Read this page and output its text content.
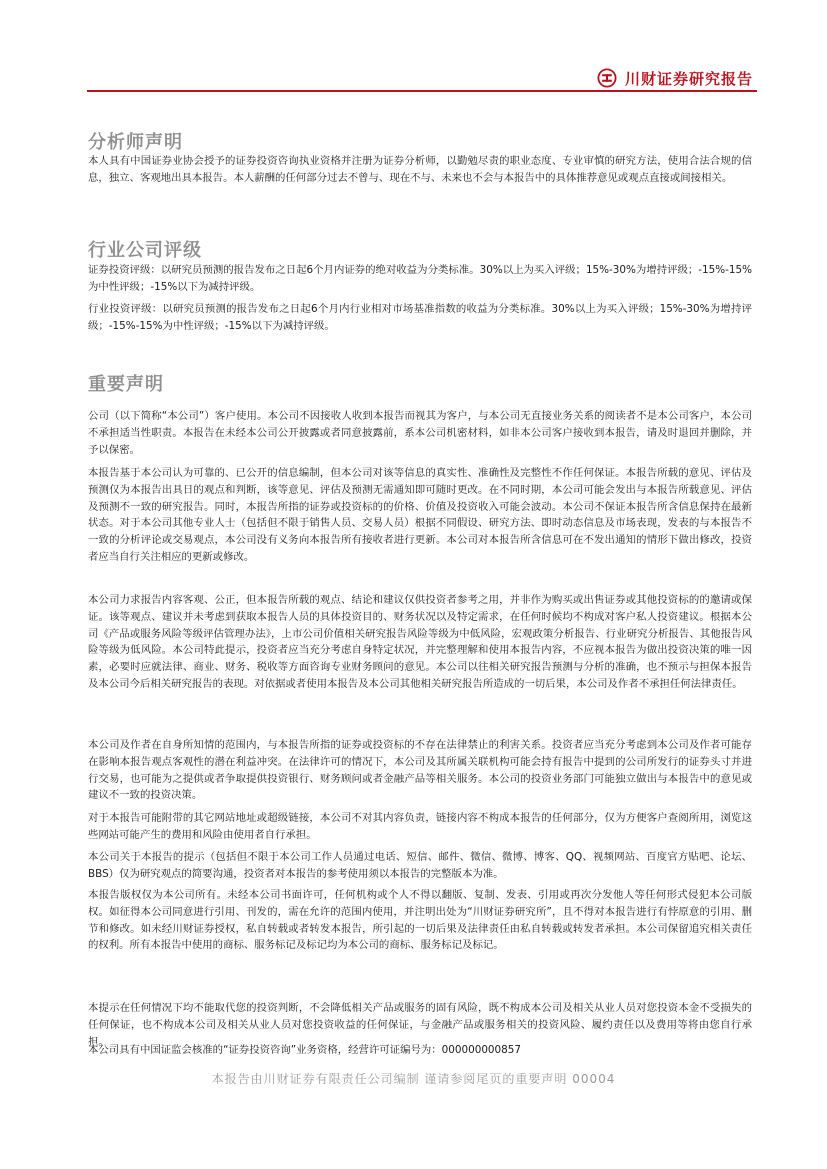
川财证券研究报告
分析师声明

本人具有中国证券业协会授予的证券投资咨询执业资格并注册为证券分析师，以勤勉尽责的职业态度、专业审慎的研究方法，使用合法合规的信息，独立、客观地出具本报告。本人薪酬的任何部分过去不曾与、现在不与、未来也不会与本报告中的具体推荐意见或观点直接或间接相关。

行业公司评级

证券投资评级：以研究员预测的报告发布之日起6个月内证券的绝对收益为分类标准。30%以上为买入评级；15%-30%为增持评级；-15%-15%为中性评级；-15%以下为减持评级。

行业投资评级：以研究员预测的报告发布之日起6个月内行业相对市场基准指数的收益为分类标准。30%以上为买入评级；15%-30%为增持评级；-15%-15%为中性评级；-15%以下为减持评级。

重要声明

公司（以下简称“本公司”）客户使用。本公司不因接收人收到本报告而视其为客户，与本公司无直接业务关系的阅读者不是本公司客户，本公司不承担适当性职责。本报告在未经本公司公开披露或者同意披露前，系本公司机密材料，如非本公司客户接收到本报告，请及时退回并删除，并予以保密。

本报告基于本公司认为可靠的、已公开的信息编制，但本公司对该等信息的真实性、准确性及完整性不作任何保证。本报告所载的意见、评估及预测仅为本报告出具日的观点和判断，该等意见、评估及预测无需通知即可随时更改。在不同时期，本公司可能会发出与本报告所载意见、评估及预测不一致的研究报告。同时，本报告所指的证券或投资标的的价格、价值及投资收入可能会波动。本公司不保证本报告所含信息保持在最新状态。对于本公司其他专业人士（包括但不限于销售人员、交易人员）根据不同假设、研究方法、即时动态信息及市场表现，发表的与本报告不一致的分析评论或交易观点，本公司没有义务向本报告所有接收者进行更新。本公司对本报告所含信息可在不发出通知的情形下做出修改，投资者应当自行关注相应的更新或修改。

本公司力求报告内容客观、公正，但本报告所载的观点、结论和建议仅供投资者参考之用，并非作为购买或出售证券或其他投资标的的邀请或保证。该等观点、建议并未考虑到获取本报告人员的具体投资目的、财务状况以及特定需求，在任何时候均不构成对客户私人投资建议。根据本公司《产品或服务风险等级评估管理办法》，上市公司价值相关研究报告风险等级为中低风险，宏观政策分析报告、行业研究分析报告、其他报告风险等级为低风险。本公司特此提示，投资者应当充分考虑自身特定状况，并完整理解和使用本报告内容，不应视本报告为做出投资决策的唯一因素，必要时应就法律、商业、财务、税收等方面咨询专业财务顾问的意见。本公司以往相关研究报告预测与分析的准确，也不预示与担保本报告及本公司今后相关研究报告的表现。对依据或者使用本报告及本公司其他相关研究报告所造成的一切后果，本公司及作者不承担任何法律责任。

本公司及作者在自身所知情的范围内，与本报告所指的证券或投资标的不存在法律禁止的利害关系。投资者应当充分考虑到本公司及作者可能存在影响本报告观点客观性的潜在利益冲突。在法律许可的情况下，本公司及其所属关联机构可能会持有报告中提到的公司所发行的证券头寸并进行交易，也可能为之提供或者争取提供投资银行、财务顾问或者金融产品等相关服务。本公司的投资业务部门可能独立做出与本报告中的意见或建议不一致的投资决策。

对于本报告可能附带的其它网站地址或超级链接，本公司不对其内容负责，链接内容不构成本报告的任何部分，仅为方便客户查阅所用，浏览这些网站可能产生的费用和风险由使用者自行承担。

本公司关于本报告的提示（包括但不限于本公司工作人员通过电话、短信、邮件、微信、微博、博客、QQ、视频网站、百度官方贴吧、论坛、BBS）仅为研究观点的简要沟通，投资者对本报告的参考使用须以本报告的完整版本为准。

本报告版权仅为本公司所有。未经本公司书面许可，任何机构或个人不得以翻版、复制、发表、引用或再次分发他人等任何形式侵犯本公司版权。如征得本公司同意进行引用、刊发的，需在允许的范围内使用，并注明出处为“川财证券研究所”，且不得对本报告进行有悖原意的引用、删节和修改。如未经川财证券授权，私自转载或者转发本报告，所引起的一切后果及法律责任由私自转载或转发者承担。本公司保留追究相关责任的权利。所有本报告中使用的商标、服务标记及标记均为本公司的商标、服务标记及标记。

本提示在任何情况下均不能取代您的投资判断，不会降低相关产品或服务的固有风险，既不构成本公司及相关从业人员对您投资本金不受损失的任何保证，也不构成本公司及相关从业人员对您投资收益的任何保证，与金融产品或服务相关的投资风险、履约责任以及费用等将由您自行承担。

本公司具有中国证监会核准的“证券投资咨询”业务资格，经营许可证编号为：000000000857

本报告由川财证券有限责任公司编制 谨请参阅尾页的重要声明 00004
